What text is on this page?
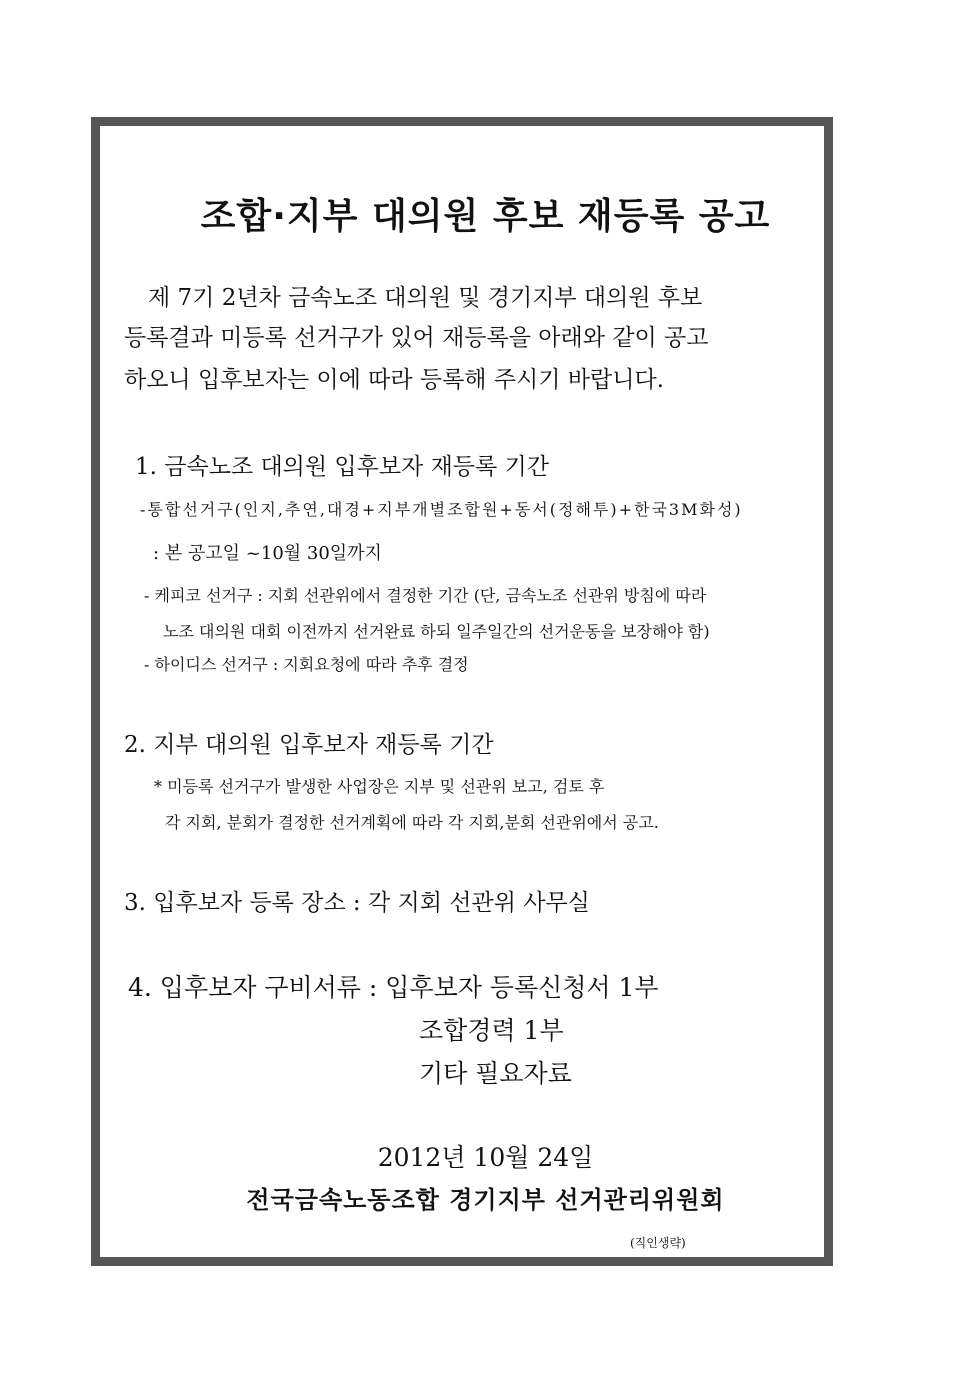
조합·지부 대의원 후보 재등록 공고
제 7기 2년차 금속노조 대의원 및 경기지부 대의원 후보
등록결과 미등록 선거구가 있어 재등록을 아래와 같이 공고
하오니 입후보자는 이에 따라 등록해 주시기 바랍니다.
1. 금속노조 대의원 입후보자 재등록 기간
-통합선거구(인지,추연,대경+지부개별조합원+동서(정해투)+한국3M화성)
: 본 공고일 ~10월 30일까지
- 케피코 선거구 : 지회 선관위에서 결정한 기간 (단, 금속노조 선관위 방침에 따라
노조 대의원 대회 이전까지 선거완료 하되 일주일간의 선거운동을 보장해야 함)
- 하이디스 선거구 : 지회요청에 따라 추후 결정
2. 지부 대의원 입후보자 재등록 기간
* 미등록 선거구가 발생한 사업장은 지부 및 선관위 보고, 검토 후
각 지회, 분회가 결정한 선거계획에 따라 각 지회,분회 선관위에서 공고.
3. 입후보자 등록 장소 : 각 지회 선관위 사무실
4. 입후보자 구비서류 : 입후보자 등록신청서 1부
조합경력 1부
기타 필요자료
2012년 10월 24일
전국금속노동조합 경기지부 선거관리위원회
(직인생략)
